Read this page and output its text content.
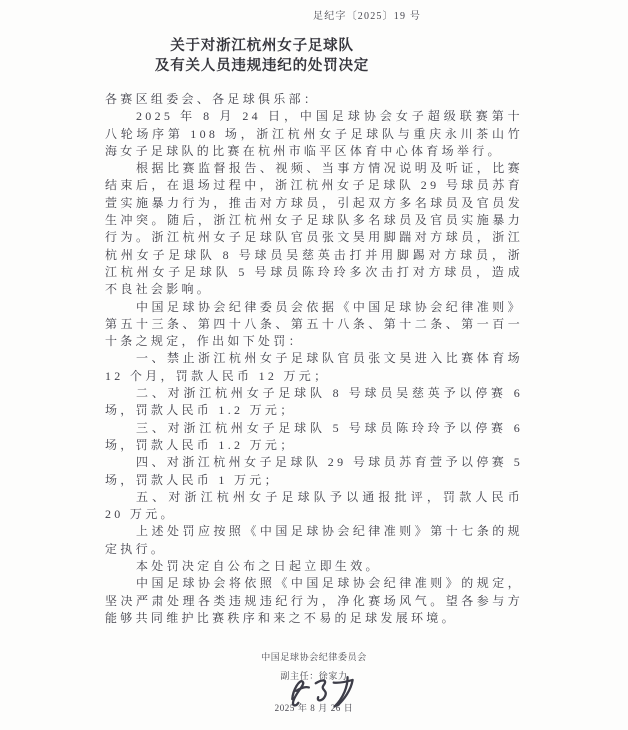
足纪字〔2025〕19 号
关于对浙江杭州女子足球队
及有关人员违规违纪的处罚决定

各赛区组委会、各足球俱乐部：

2025 年 8 月 24 日，中国足球协会女子超级联赛第十八轮场序第 108 场，浙江杭州女子足球队与重庆永川茶山竹海女子足球队的比赛在杭州市临平区体育中心体育场举行。

根据比赛监督报告、视频、当事方情况说明及听证，比赛结束后，在退场过程中，浙江杭州女子足球队 29 号球员苏育萱实施暴力行为，推击对方球员，引起双方多名球员及官员发生冲突。随后，浙江杭州女子足球队多名球员及官员实施暴力行为。浙江杭州女子足球队官员张文昊用脚踹对方球员，浙江杭州女子足球队 8 号球员吴慈英击打并用脚踢对方球员，浙江杭州女子足球队 5 号球员陈玲玲多次击打对方球员，造成不良社会影响。

中国足球协会纪律委员会依据《中国足球协会纪律准则》第五十三条、第四十八条、第五十八条、第十二条、第一百一十条之规定，作出如下处罚：

一、禁止浙江杭州女子足球队官员张文昊进入比赛体育场 12 个月，罚款人民币 12 万元；

二、对浙江杭州女子足球队 8 号球员吴慈英予以停赛 6 场，罚款人民币 1.2 万元；

三、对浙江杭州女子足球队 5 号球员陈玲玲予以停赛 6 场，罚款人民币 1.2 万元；

四、对浙江杭州女子足球队 29 号球员苏育萱予以停赛 5 场，罚款人民币 1 万元；

五、对浙江杭州女子足球队予以通报批评，罚款人民币 20 万元。

上述处罚应按照《中国足球协会纪律准则》第十七条的规定执行。

本处罚决定自公布之日起立即生效。

中国足球协会将依照《中国足球协会纪律准则》的规定，坚决严肃处理各类违规违纪行为，净化赛场风气。望各参与方能够共同维护比赛秩序和来之不易的足球发展环境。

中国足球协会纪律委员会
副主任：徐家力
2025 年 8 月 26 日
